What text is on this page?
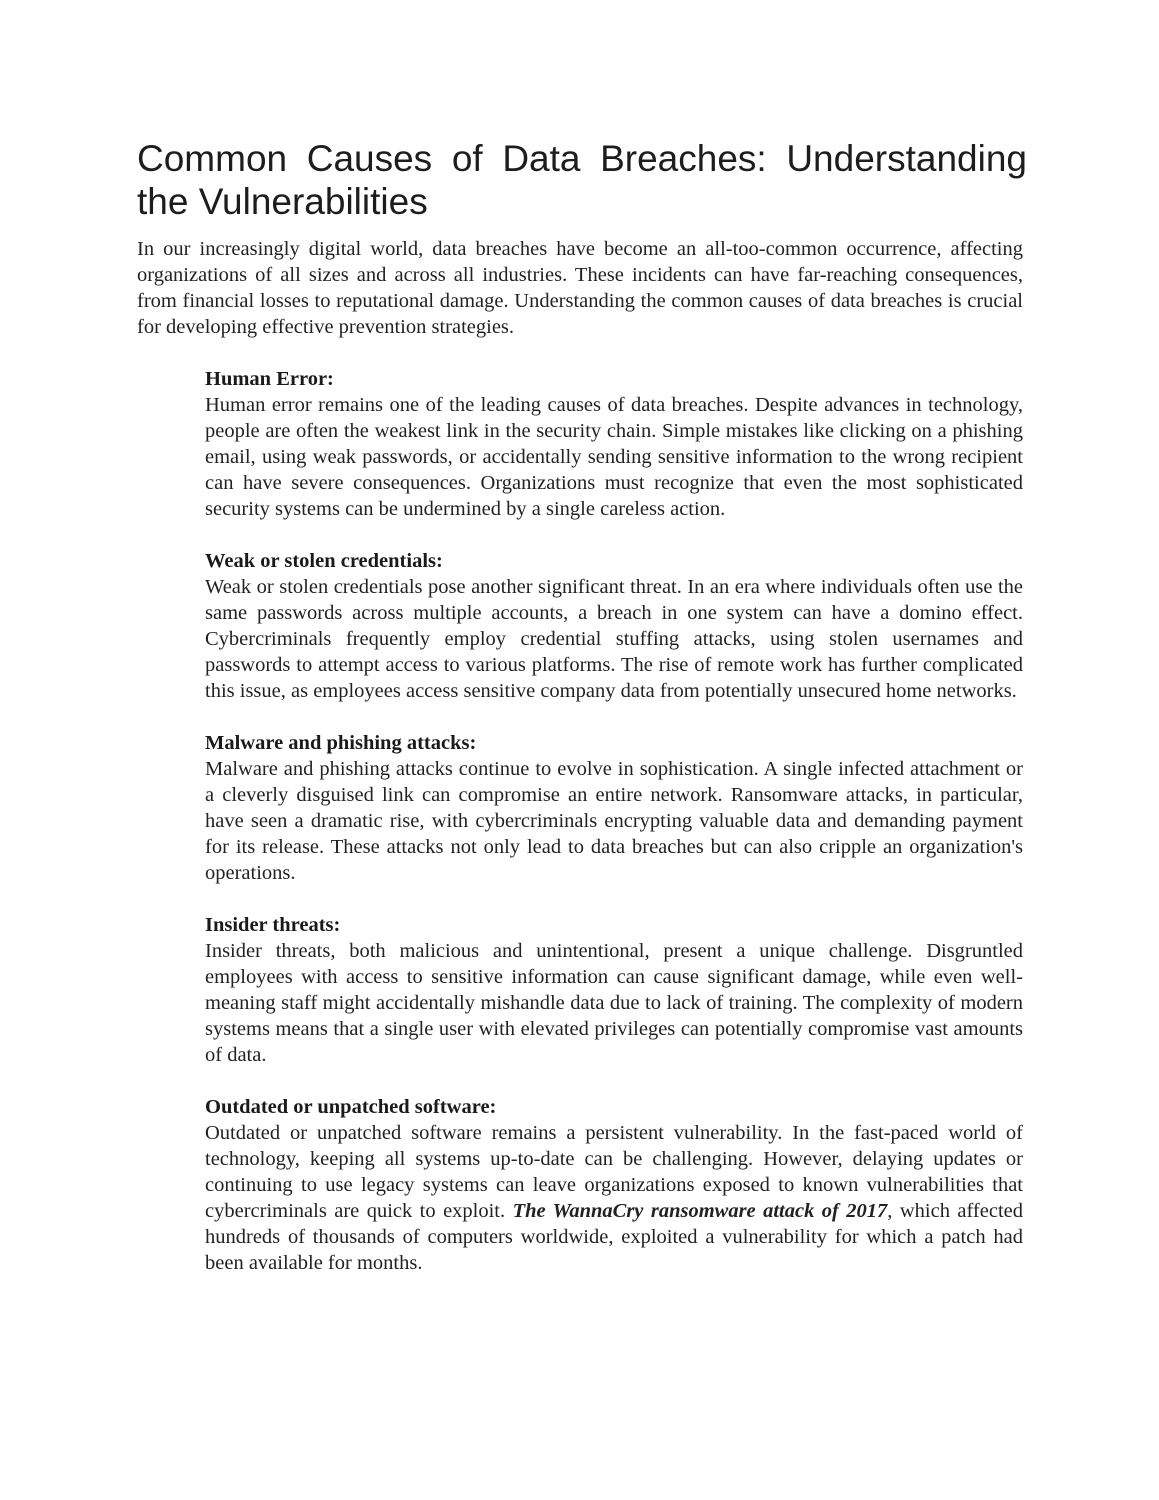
Common Causes of Data Breaches: Understanding the Vulnerabilities

In our increasingly digital world, data breaches have become an all-too-common occurrence, affecting organizations of all sizes and across all industries. These incidents can have far-reaching consequences, from financial losses to reputational damage. Understanding the common causes of data breaches is crucial for developing effective prevention strategies.

Human Error:

Human error remains one of the leading causes of data breaches. Despite advances in technology, people are often the weakest link in the security chain. Simple mistakes like clicking on a phishing email, using weak passwords, or accidentally sending sensitive information to the wrong recipient can have severe consequences. Organizations must recognize that even the most sophisticated security systems can be undermined by a single careless action.

Weak or stolen credentials:

Weak or stolen credentials pose another significant threat. In an era where individuals often use the same passwords across multiple accounts, a breach in one system can have a domino effect. Cybercriminals frequently employ credential stuffing attacks, using stolen usernames and passwords to attempt access to various platforms. The rise of remote work has further complicated this issue, as employees access sensitive company data from potentially unsecured home networks.

Malware and phishing attacks:

Malware and phishing attacks continue to evolve in sophistication. A single infected attachment or a cleverly disguised link can compromise an entire network. Ransomware attacks, in particular, have seen a dramatic rise, with cybercriminals encrypting valuable data and demanding payment for its release. These attacks not only lead to data breaches but can also cripple an organization's operations.

Insider threats:

Insider threats, both malicious and unintentional, present a unique challenge. Disgruntled employees with access to sensitive information can cause significant damage, while even well-meaning staff might accidentally mishandle data due to lack of training. The complexity of modern systems means that a single user with elevated privileges can potentially compromise vast amounts of data.

Outdated or unpatched software:

Outdated or unpatched software remains a persistent vulnerability. In the fast-paced world of technology, keeping all systems up-to-date can be challenging. However, delaying updates or continuing to use legacy systems can leave organizations exposed to known vulnerabilities that cybercriminals are quick to exploit. The WannaCry ransomware attack of 2017, which affected hundreds of thousands of computers worldwide, exploited a vulnerability for which a patch had been available for months.
